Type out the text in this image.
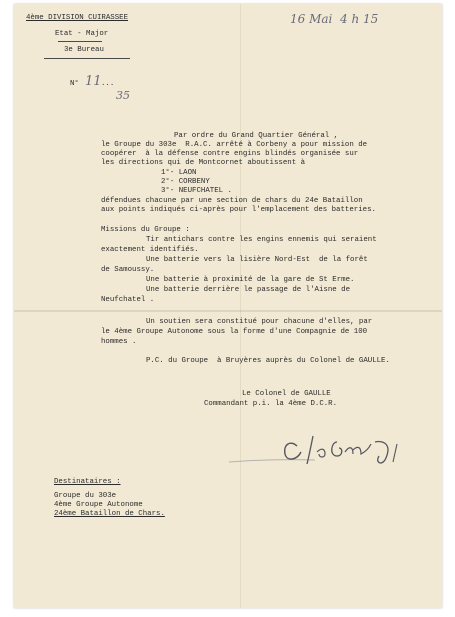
4ème DIVISION CUIRASSEE
Etat - Major
3e Bureau
N° 11 ...
35
16 Mai  4 h 15
Par ordre du Grand Quartier Général ,
le Groupe du 303e  R.A.C. arrêté à Corbeny a pour mission de
coopérer  à la défense contre engins blindés organisée sur
les directions qui de Montcornet aboutissent à
1°- LAON
2°- CORBENY
3°- NEUFCHATEL .
défendues chacune par une section de chars du 24e Bataillon
aux points indiqués ci-après pour l'emplacement des batteries.
Missions du Groupe :
Tir antichars contre les engins ennemis qui seraient
exactement identifiés.
Une batterie vers la lisière Nord-Est  de la forêt
de Samoussy.
Une batterie à proximité de la gare de St Erme.
Une batterie derrière le passage de l'Aisne de
Neufchatel .
Un soutien sera constitué pour chacune d'elles, par
le 4ème Groupe Autonome sous la forme d'une Compagnie de 100
hommes .
P.C. du Groupe  à Bruyères auprès du Colonel de GAULLE.
Le Colonel de GAULLE
Commandant p.i. la 4ème D.C.R.
Destinataires :
Groupe du 303e
4ème Groupe Autonome
24ème Bataillon de Chars.
